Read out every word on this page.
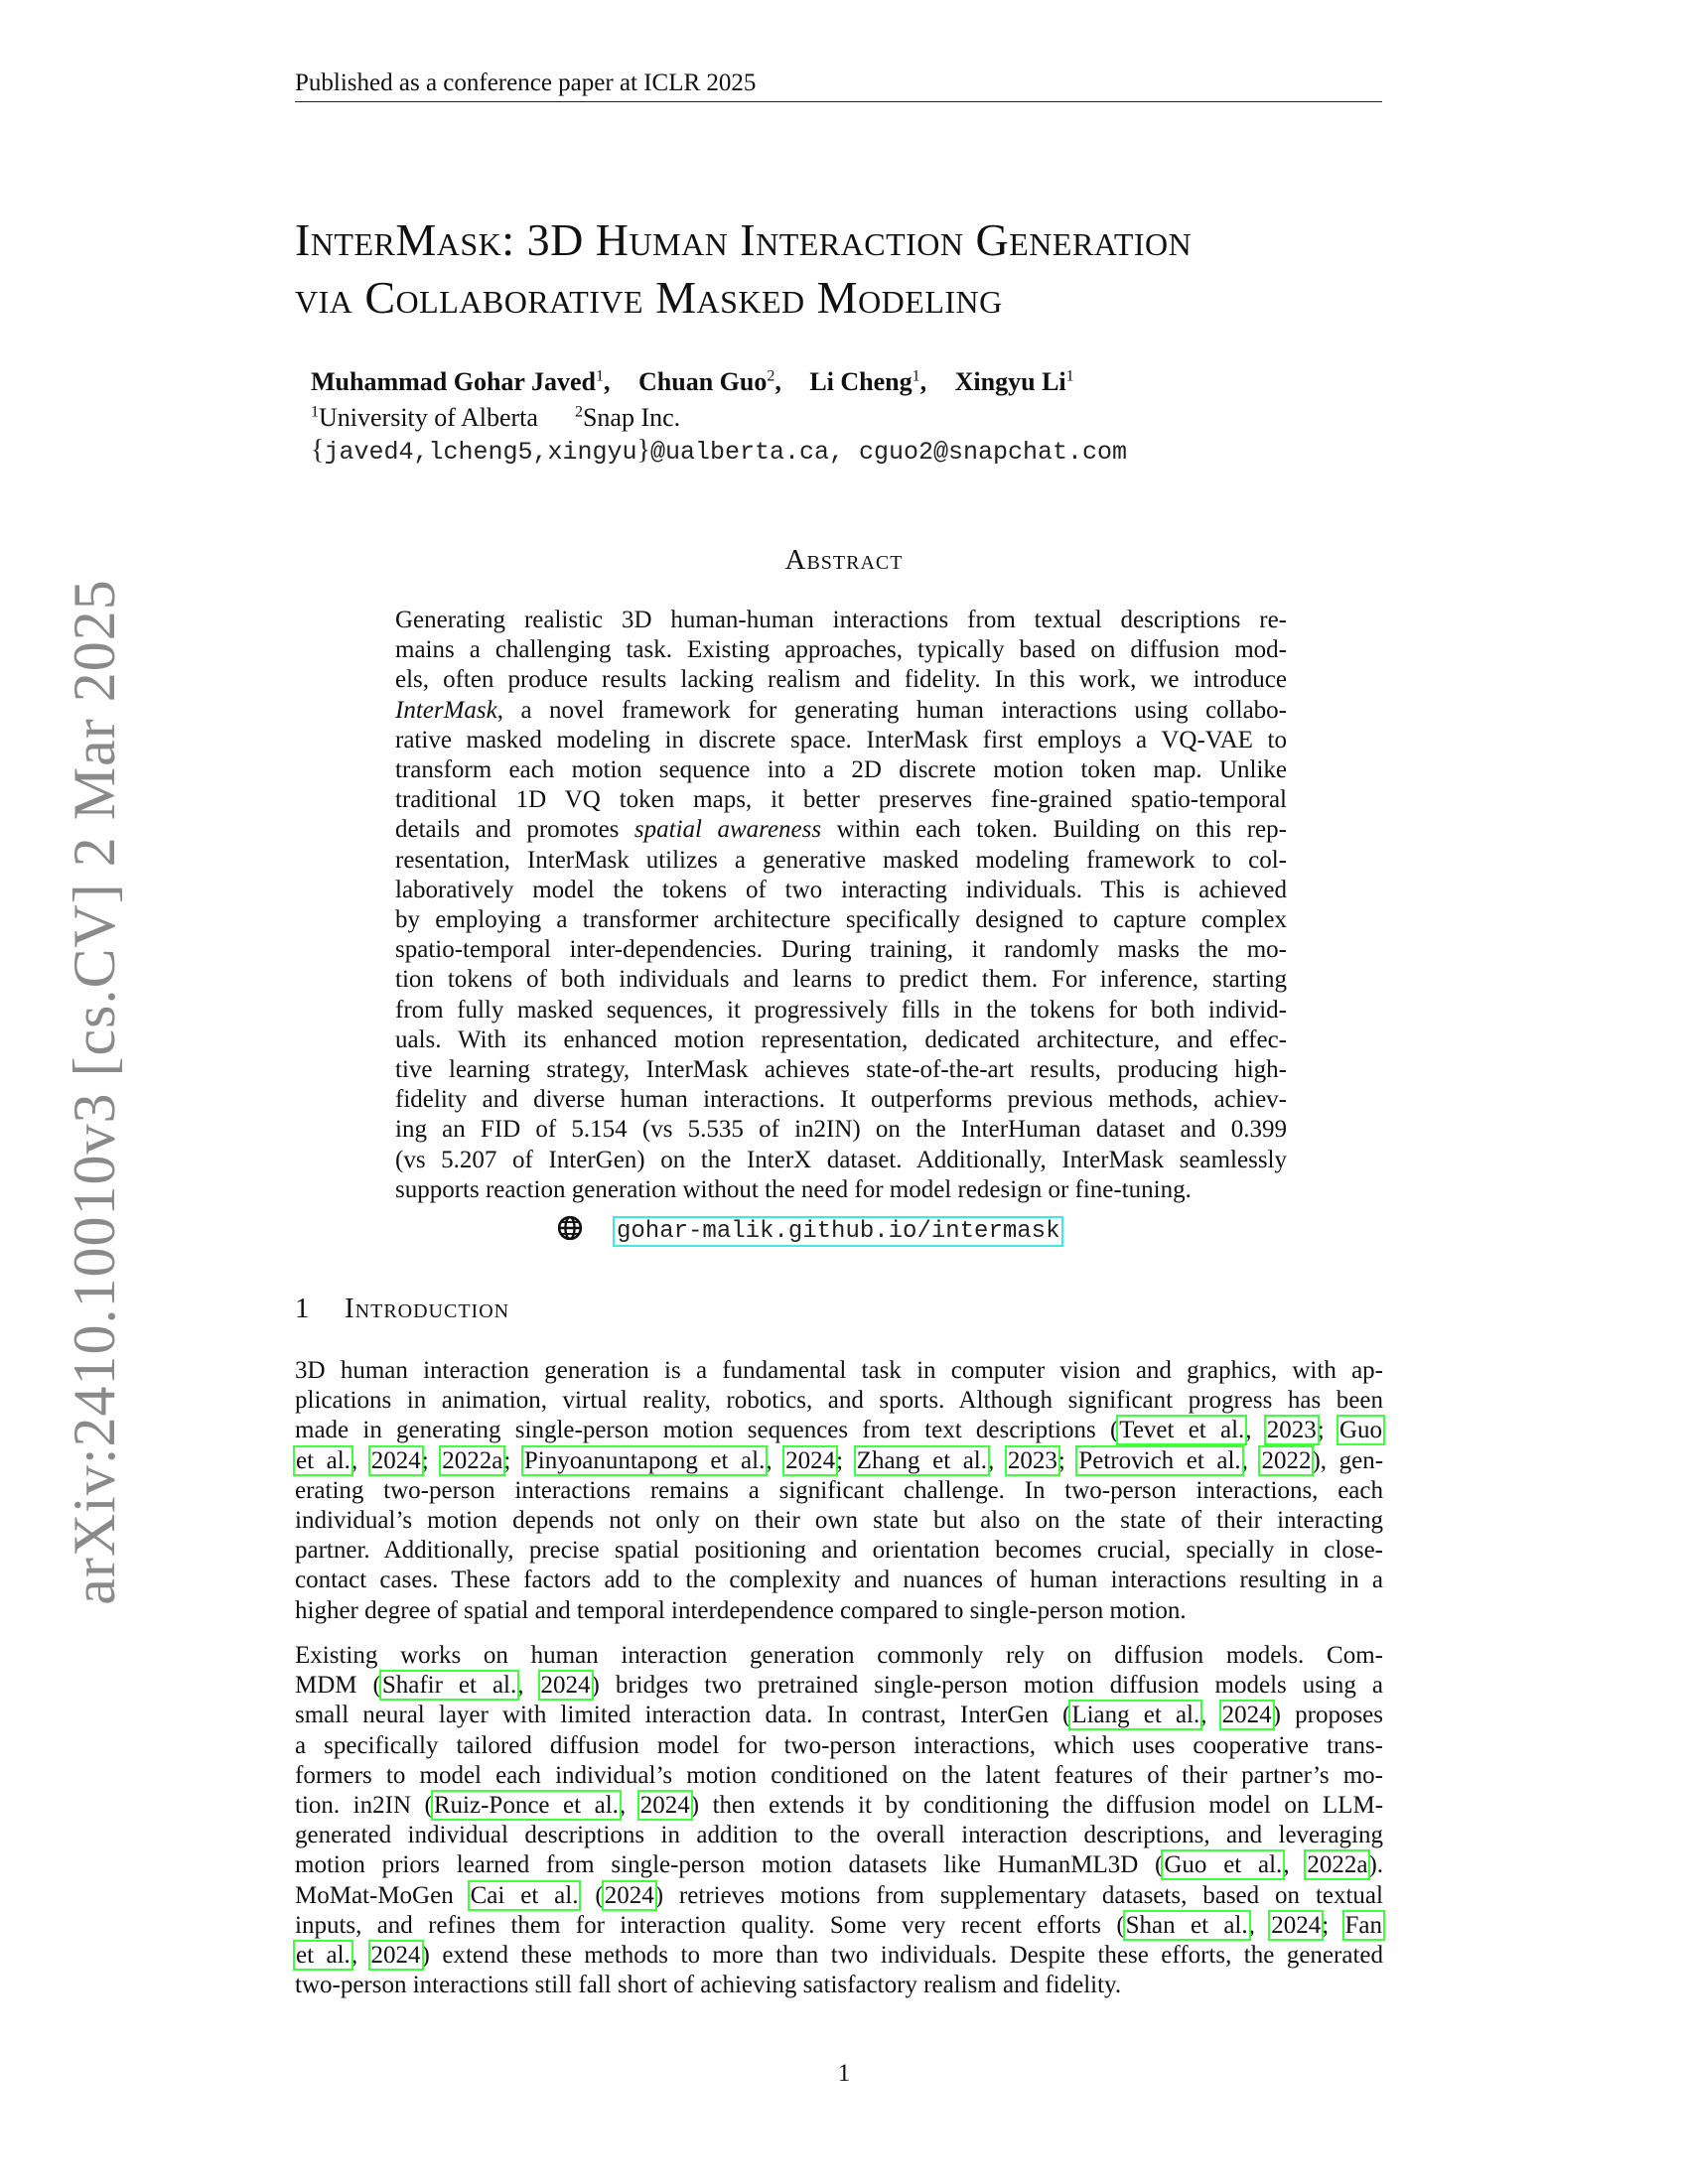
Published as a conference paper at ICLR 2025
arXiv:2410.10010v3 [cs.CV] 2 Mar 2025
InterMask: 3D Human Interaction Generation
via Collaborative Masked Modeling
Muhammad Gohar Javed$^1$, Chuan Guo$^2$, Li Cheng$^1$, Xingyu Li$^1$
$^1$University of Alberta $^2$Snap Inc.
{javed4,lcheng5,xingyu}@ualberta.ca, cguo2@snapchat.com
Abstract
Generating realistic 3D human-human interactions from textual descriptions re-
mains a challenging task. Existing approaches, typically based on diffusion mod-
els, often produce results lacking realism and fidelity. In this work, we introduce
InterMask, a novel framework for generating human interactions using collabo-
rative masked modeling in discrete space. InterMask first employs a VQ-VAE to
transform each motion sequence into a 2D discrete motion token map. Unlike
traditional 1D VQ token maps, it better preserves fine-grained spatio-temporal
details and promotes spatial awareness within each token. Building on this rep-
resentation, InterMask utilizes a generative masked modeling framework to col-
laboratively model the tokens of two interacting individuals. This is achieved
by employing a transformer architecture specifically designed to capture complex
spatio-temporal inter-dependencies. During training, it randomly masks the mo-
tion tokens of both individuals and learns to predict them. For inference, starting
from fully masked sequences, it progressively fills in the tokens for both individ-
uals. With its enhanced motion representation, dedicated architecture, and effec-
tive learning strategy, InterMask achieves state-of-the-art results, producing high-
fidelity and diverse human interactions. It outperforms previous methods, achiev-
ing an FID of 5.154 (vs 5.535 of in2IN) on the InterHuman dataset and 0.399
(vs 5.207 of InterGen) on the InterX dataset. Additionally, InterMask seamlessly
supports reaction generation without the need for model redesign or fine-tuning.
gohar-malik.github.io/intermask
1 Introduction
3D human interaction generation is a fundamental task in computer vision and graphics, with ap-
plications in animation, virtual reality, robotics, and sports. Although significant progress has been
made in generating single-person motion sequences from text descriptions (Tevet et al., 2023; Guo
et al., 2024; 2022a; Pinyoanuntapong et al., 2024; Zhang et al., 2023; Petrovich et al., 2022), gen-
erating two-person interactions remains a significant challenge. In two-person interactions, each
individual’s motion depends not only on their own state but also on the state of their interacting
partner. Additionally, precise spatial positioning and orientation becomes crucial, specially in close-
contact cases. These factors add to the complexity and nuances of human interactions resulting in a
higher degree of spatial and temporal interdependence compared to single-person motion.
Existing works on human interaction generation commonly rely on diffusion models. Com-
MDM (Shafir et al., 2024) bridges two pretrained single-person motion diffusion models using a
small neural layer with limited interaction data. In contrast, InterGen (Liang et al., 2024) proposes
a specifically tailored diffusion model for two-person interactions, which uses cooperative trans-
formers to model each individual’s motion conditioned on the latent features of their partner’s mo-
tion. in2IN (Ruiz-Ponce et al., 2024) then extends it by conditioning the diffusion model on LLM-
generated individual descriptions in addition to the overall interaction descriptions, and leveraging
motion priors learned from single-person motion datasets like HumanML3D (Guo et al., 2022a).
MoMat-MoGen Cai et al. (2024) retrieves motions from supplementary datasets, based on textual
inputs, and refines them for interaction quality. Some very recent efforts (Shan et al., 2024; Fan
et al., 2024) extend these methods to more than two individuals. Despite these efforts, the generated
two-person interactions still fall short of achieving satisfactory realism and fidelity.
1
